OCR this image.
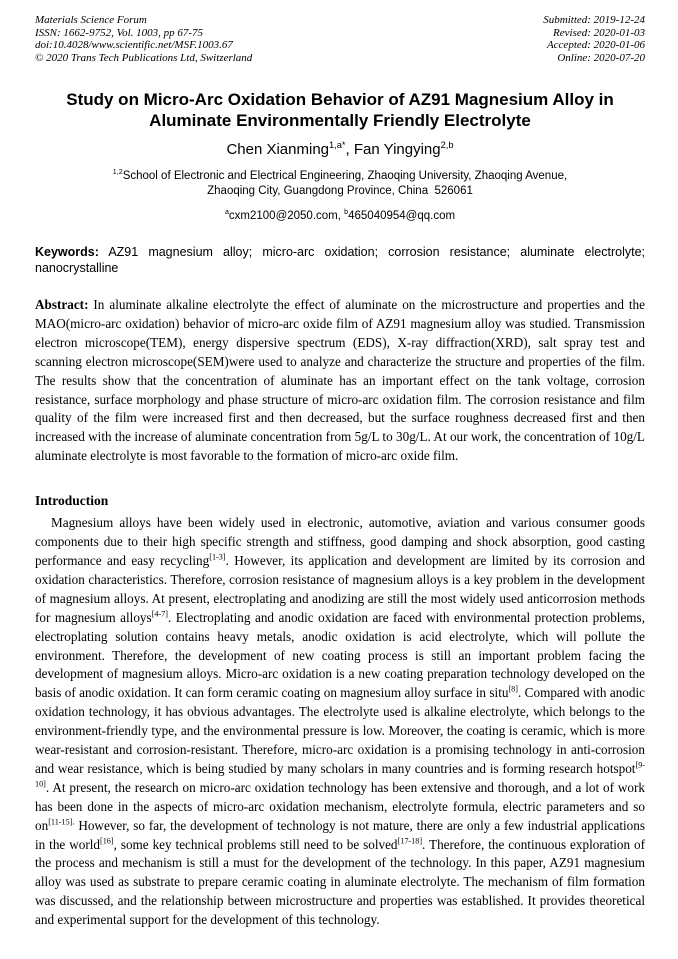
Materials Science Forum
ISSN: 1662-9752, Vol. 1003, pp 67-75
doi:10.4028/www.scientific.net/MSF.1003.67
© 2020 Trans Tech Publications Ltd, Switzerland
Submitted: 2019-12-24
Revised: 2020-01-03
Accepted: 2020-01-06
Online: 2020-07-20
Study on Micro-Arc Oxidation Behavior of AZ91 Magnesium Alloy in
Aluminate Environmentally Friendly Electrolyte
Chen Xianming$^{1,a*}$, Fan Yingying$^{2,b}$
$^{1,2}$School of Electronic and Electrical Engineering, Zhaoqing University, Zhaoqing Avenue,
Zhaoqing City, Guangdong Province, China  526061
$^a$cxm2100@2050.com, $^b$465040954@qq.com
Keywords: AZ91 magnesium alloy; micro-arc oxidation; corrosion resistance; aluminate electrolyte; nanocrystalline
Abstract: In aluminate alkaline electrolyte the effect of aluminate on the microstructure and properties and the MAO(micro-arc oxidation) behavior of micro-arc oxide film of AZ91 magnesium alloy was studied. Transmission electron microscope(TEM), energy dispersive spectrum (EDS), X-ray diffraction(XRD), salt spray test and scanning electron microscope(SEM)were used to analyze and characterize the structure and properties of the film. The results show that the concentration of aluminate has an important effect on the tank voltage, corrosion resistance, surface morphology and phase structure of micro-arc oxidation film. The corrosion resistance and film quality of the film were increased first and then decreased, but the surface roughness decreased first and then increased with the increase of aluminate concentration from 5g/L to 30g/L. At our work, the concentration of 10g/L aluminate electrolyte is most favorable to the formation of micro-arc oxide film.
Introduction
Magnesium alloys have been widely used in electronic, automotive, aviation and various consumer goods components due to their high specific strength and stiffness, good damping and shock absorption, good casting performance and easy recycling[1-3]. However, its application and development are limited by its corrosion and oxidation characteristics. Therefore, corrosion resistance of magnesium alloys is a key problem in the development of magnesium alloys. At present, electroplating and anodizing are still the most widely used anticorrosion methods for magnesium alloys[4-7]. Electroplating and anodic oxidation are faced with environmental protection problems, electroplating solution contains heavy metals, anodic oxidation is acid electrolyte, which will pollute the environment. Therefore, the development of new coating process is still an important problem facing the development of magnesium alloys. Micro-arc oxidation is a new coating preparation technology developed on the basis of anodic oxidation. It can form ceramic coating on magnesium alloy surface in situ[8]. Compared with anodic oxidation technology, it has obvious advantages. The electrolyte used is alkaline electrolyte, which belongs to the environment-friendly type, and the environmental pressure is low. Moreover, the coating is ceramic, which is more wear-resistant and corrosion-resistant. Therefore, micro-arc oxidation is a promising technology in anti-corrosion and wear resistance, which is being studied by many scholars in many countries and is forming research hotspot[9-10]. At present, the research on micro-arc oxidation technology has been extensive and thorough, and a lot of work has been done in the aspects of micro-arc oxidation mechanism, electrolyte formula, electric parameters and so $on^{[11-15].}$ However, so far, the development of technology is not mature, there are only a few industrial applications in the world[16], some key technical problems still need to be solved[17-18]. Therefore, the continuous exploration of the process and mechanism is still a must for the development of the technology. In this paper, AZ91 magnesium alloy was used as substrate to prepare ceramic coating in aluminate electrolyte. The mechanism of film formation was discussed, and the relationship between microstructure and properties was established. It provides theoretical and experimental support for the development of this technology.
